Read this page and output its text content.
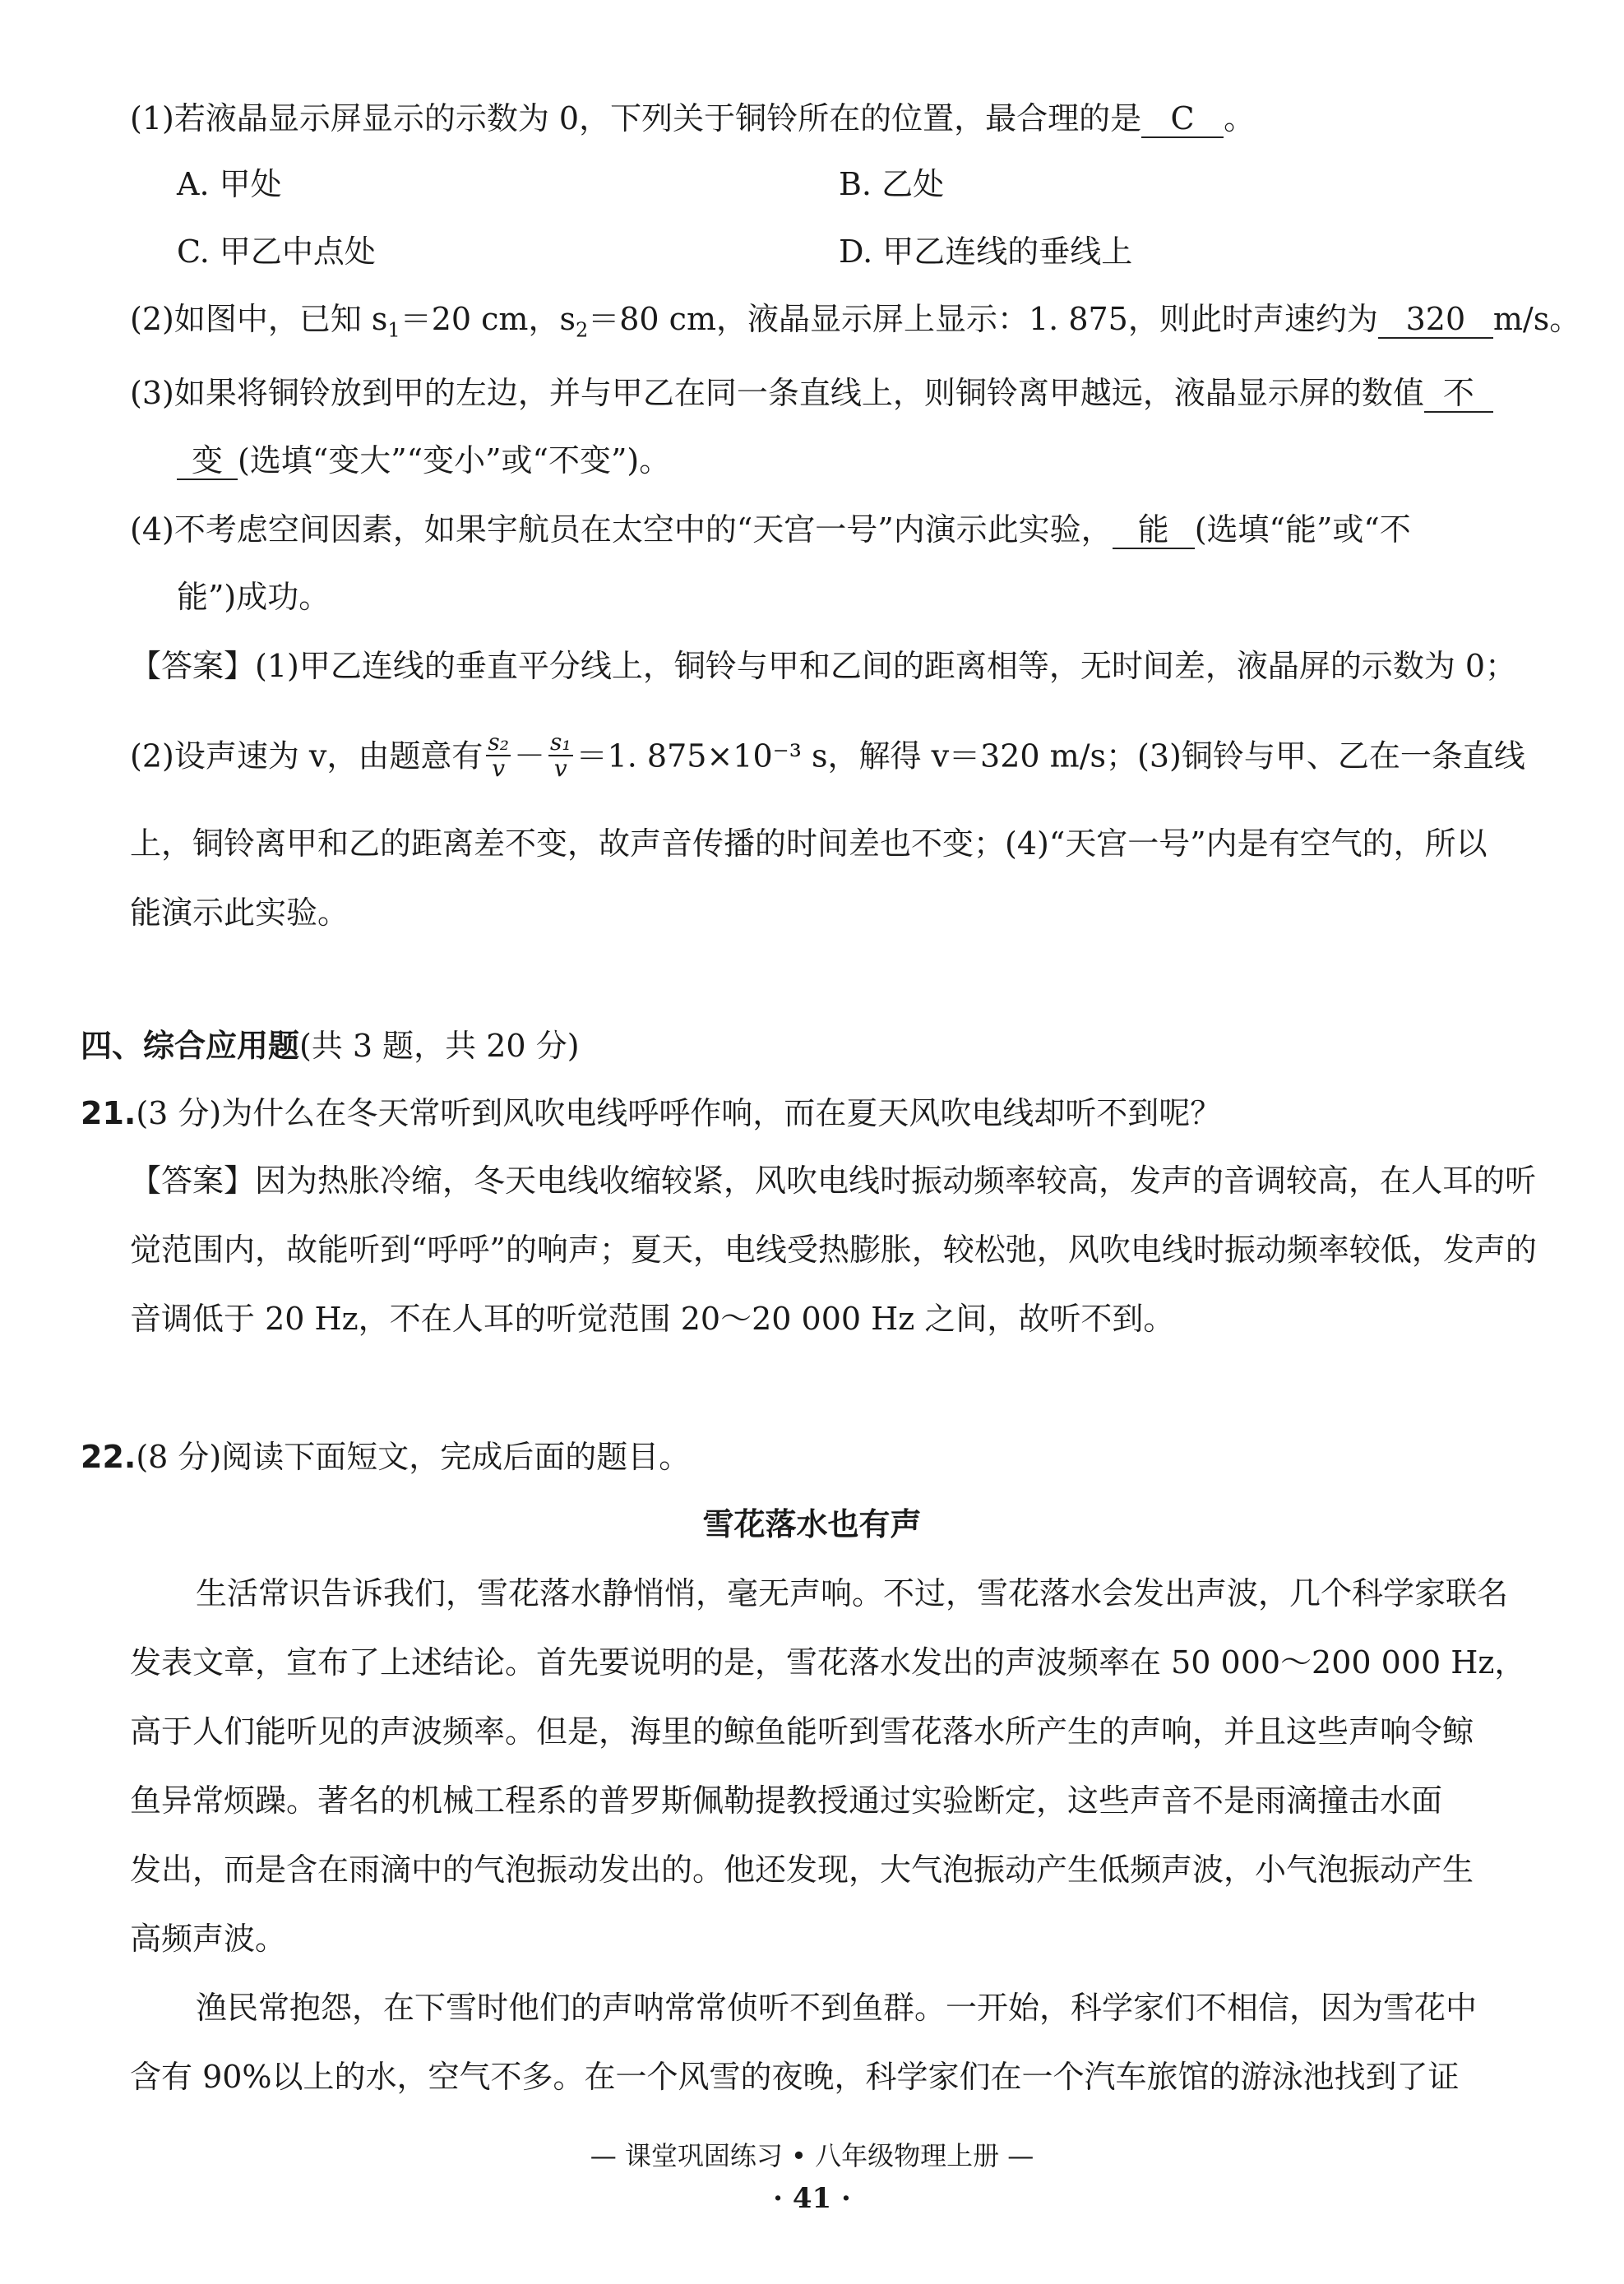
(1)若液晶显示屏显示的示数为 0，下列关于铜铃所在的位置，最合理的是 C 。
A. 甲处	B. 乙处
C. 甲乙中点处	D. 甲乙连线的垂线上
(2)如图中，已知 $s_1=20$ cm，$s_2=80$ cm，液晶显示屏上显示：1. 875，则此时声速约为 320 m/s。
(3)如果将铜铃放到甲的左边，并与甲乙在同一条直线上，则铜铃离甲越远，液晶显示屏的数值 不
变 (选填“变大”“变小”或“不变”)。
(4)不考虑空间因素，如果宇航员在太空中的“天宫一号”内演示此实验， 能 (选填“能”或“不
能”)成功。
【答案】(1)甲乙连线的垂直平分线上，铜铃与甲和乙间的距离相等，无时间差，液晶屏的示数为 0；
(2)设声速为 v，由题意有 $\frac{\text{s₂}}{v} - \frac{\text{s₁}}{v} =1$. 875×10⁻³ s，解得 v＝320 m/s；(3)铜铃与甲、乙在一条直线
上，铜铃离甲和乙的距离差不变，故声音传播的时间差也不变；(4)“天宫一号”内是有空气的，所以
能演示此实验。
四、综合应用题(共 3 题，共 20 分)
21.(3 分)为什么在冬天常听到风吹电线呼呼作响，而在夏天风吹电线却听不到呢？
【答案】因为热胀冷缩，冬天电线收缩较紧，风吹电线时振动频率较高，发声的音调较高，在人耳的听
觉范围内，故能听到“呼呼”的响声；夏天，电线受热膨胀，较松弛，风吹电线时振动频率较低，发声的
音调低于 20 Hz，不在人耳的听觉范围 20～20 000 Hz 之间，故听不到。
22.(8 分)阅读下面短文，完成后面的题目。
雪花落水也有声
生活常识告诉我们，雪花落水静悄悄，毫无声响。不过，雪花落水会发出声波，几个科学家联名
发表文章，宣布了上述结论。首先要说明的是，雪花落水发出的声波频率在 50 000～200 000 Hz，
高于人们能听见的声波频率。但是，海里的鲸鱼能听到雪花落水所产生的声响，并且这些声响令鲸
鱼异常烦躁。著名的机械工程系的普罗斯佩勒提教授通过实验断定，这些声音不是雨滴撞击水面
发出，而是含在雨滴中的气泡振动发出的。他还发现，大气泡振动产生低频声波，小气泡振动产生
高频声波。
渔民常抱怨，在下雪时他们的声呐常常侦听不到鱼群。一开始，科学家们不相信，因为雪花中
含有 90%以上的水，空气不多。在一个风雪的夜晚，科学家们在一个汽车旅馆的游泳池找到了证
— 课堂巩固练习 • 八年级物理上册 —
· 41 ·
